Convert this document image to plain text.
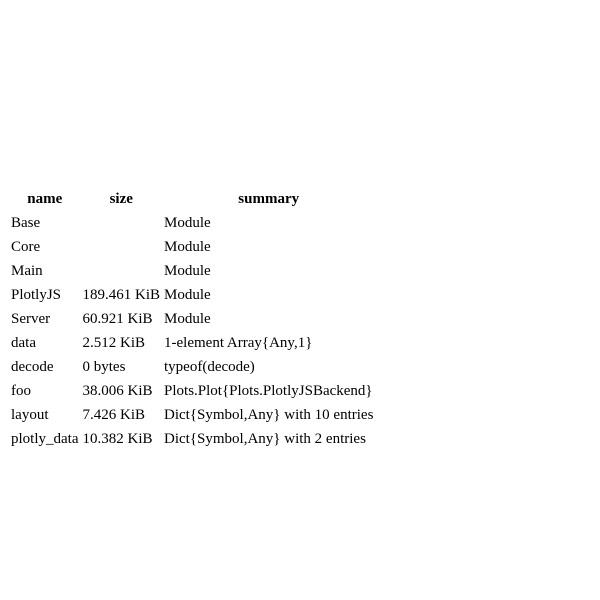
name	size	summary
Base		Module
Core		Module
Main		Module
PlotlyJS	189.461 KiB	Module
Server	60.921 KiB	Module
data	2.512 KiB	1-element Array{Any,1}
decode	0 bytes	typeof(decode)
foo	38.006 KiB	Plots.Plot{Plots.PlotlyJSBackend}
layout	7.426 KiB	Dict{Symbol,Any} with 10 entries
plotly_data	10.382 KiB	Dict{Symbol,Any} with 2 entries
